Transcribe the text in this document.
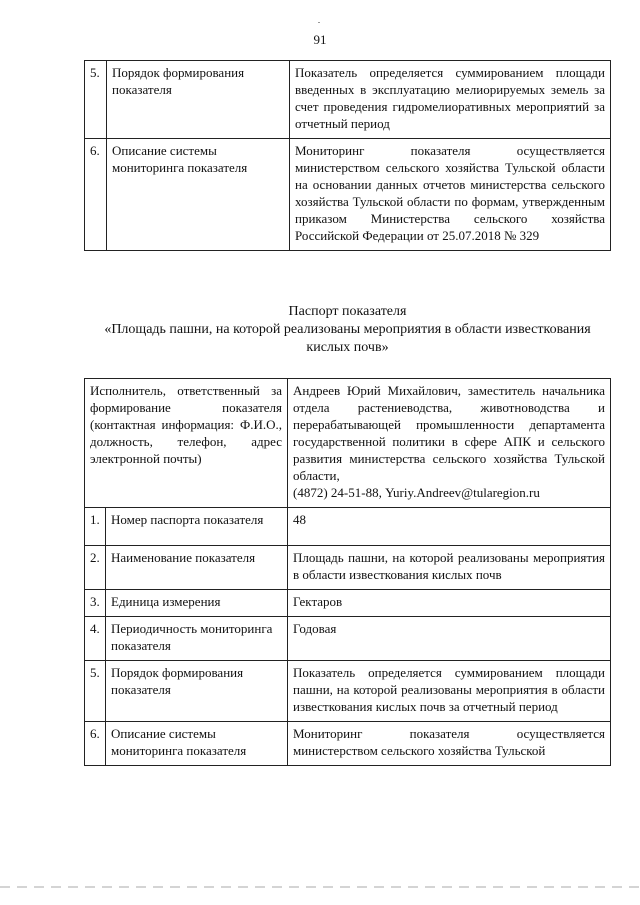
91
5.	Порядок формирования показателя	Показатель определяется суммированием площади введенных в эксплуатацию мелиорируемых земель за счет проведения гидромелиоративных мероприятий за отчетный период
6.	Описание системы мониторинга показателя	Мониторинг показателя осуществляется министерством сельского хозяйства Тульской области на основании данных отчетов министерства сельского хозяйства Тульской области по формам, утвержденным приказом Министерства сельского хозяйства Российской Федерации от 25.07.2018 № 329
Паспорт показателя
«Площадь пашни, на которой реализованы мероприятия в области известкования кислых почв»
Исполнитель, ответственный за формирование показателя (контактная информация: Ф.И.О., должность, телефон, адрес электронной почты)		Андреев Юрий Михайлович, заместитель начальника отдела растениеводства, животноводства и перерабатывающей промышленности департамента государственной политики в сфере АПК и сельского развития министерства сельского хозяйства Тульской области,
(4872) 24-51-88, Yuriy.Andreev@tularegion.ru
1.	Номер паспорта показателя	48
2.	Наименование показателя	Площадь пашни, на которой реализованы мероприятия в области известкования кислых почв
3.	Единица измерения	Гектаров
4.	Периодичность мониторинга показателя	Годовая
5.	Порядок формирования показателя	Показатель определяется суммированием площади пашни, на которой реализованы мероприятия в области известкования кислых почв за отчетный период
6.	Описание системы мониторинга показателя	Мониторинг показателя осуществляется министерством сельского хозяйства Тульской
